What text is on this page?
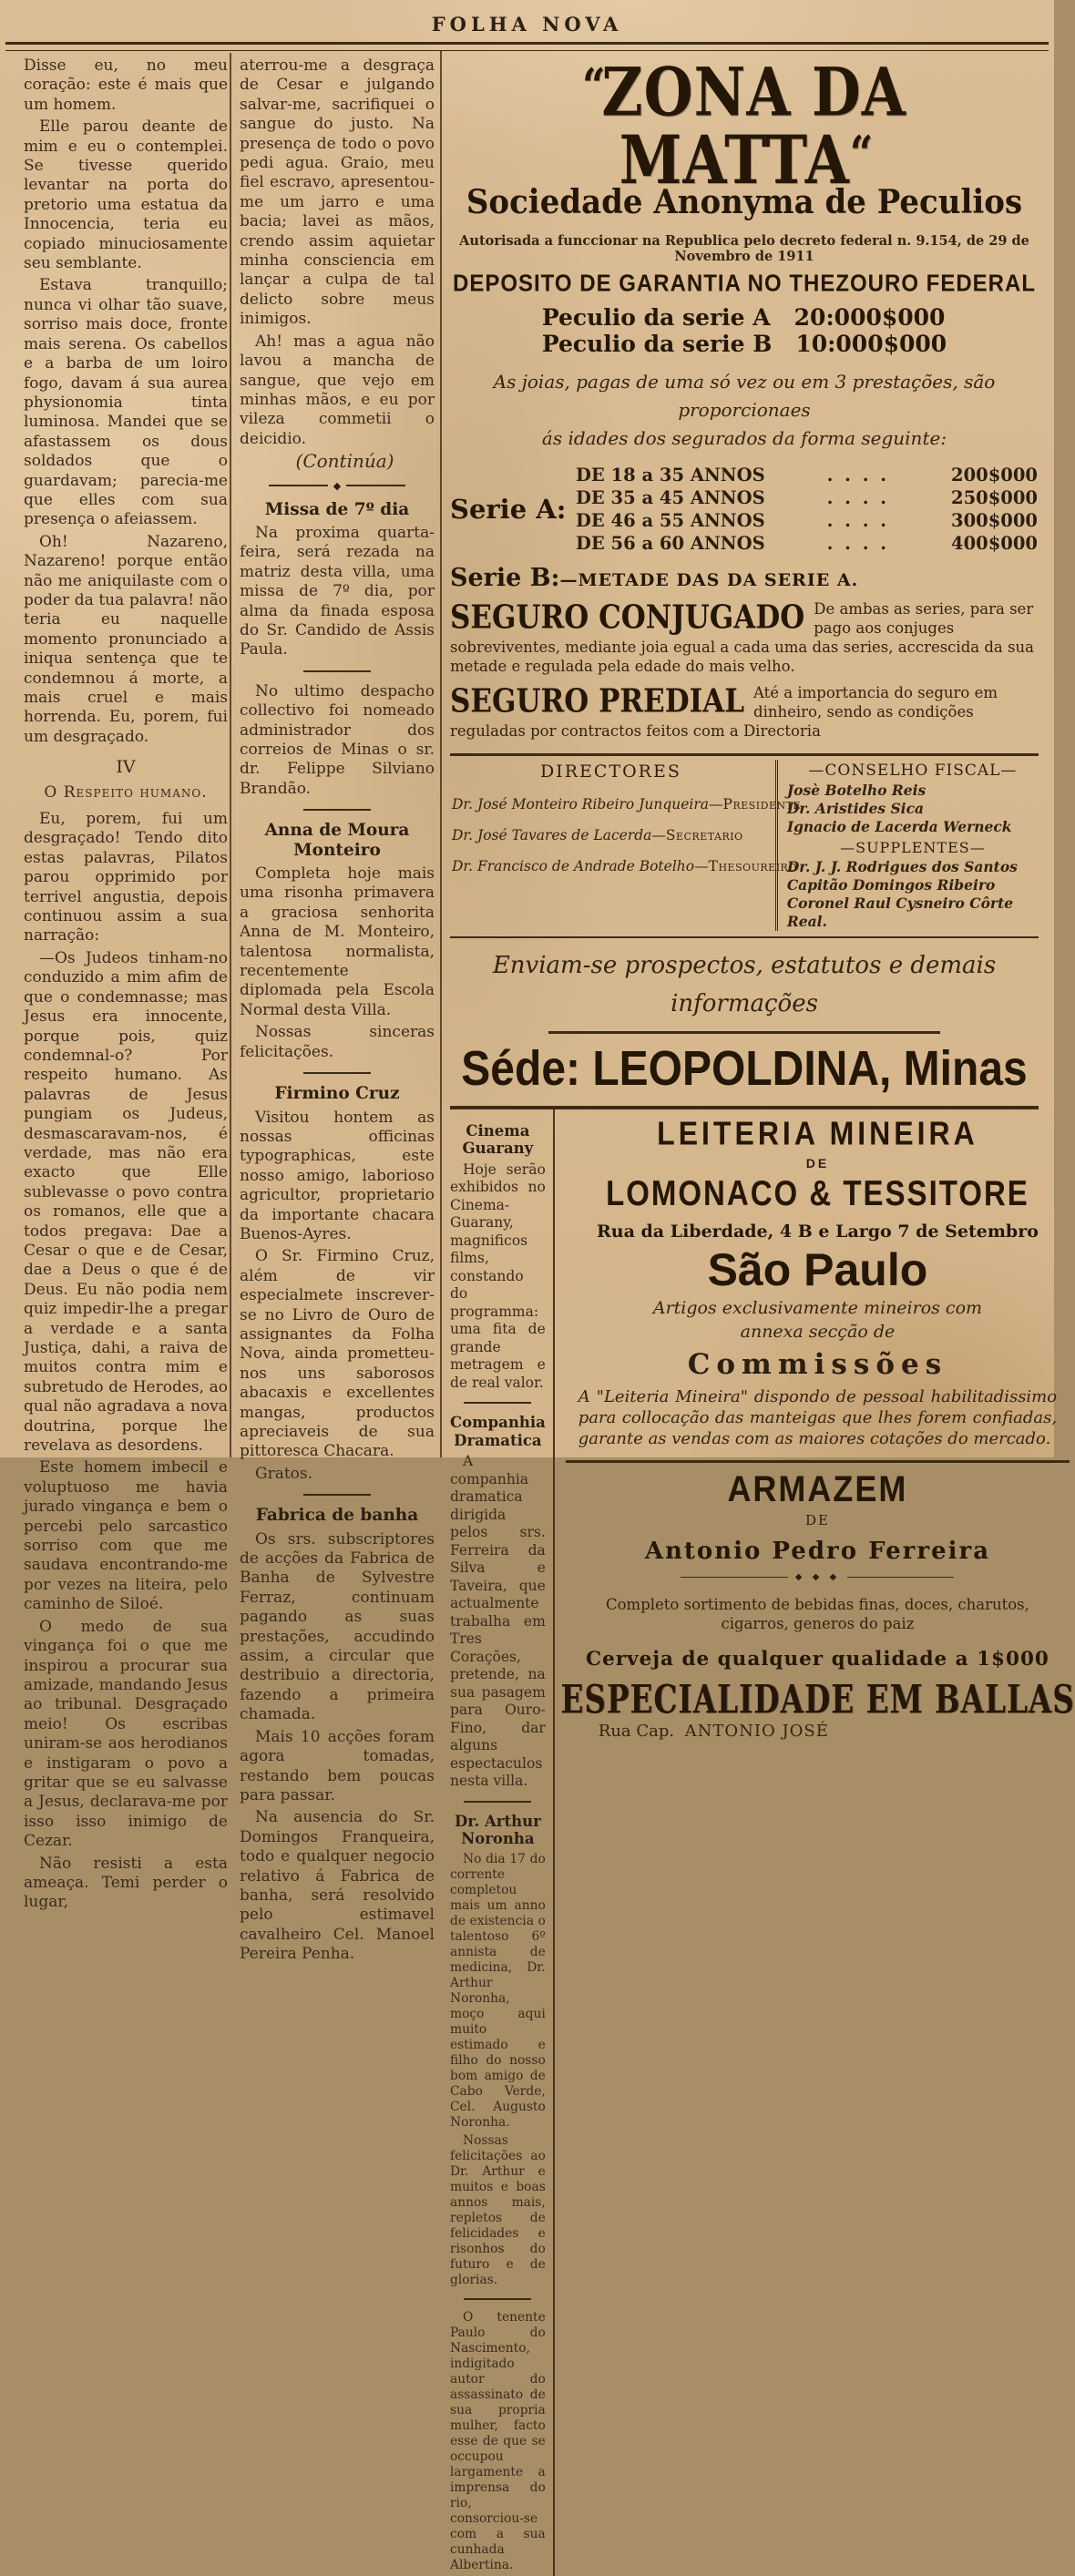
FOLHA NOVA

Disse eu, no meu coração: este é mais que um homem.

Elle parou deante de mim e eu o contemplei. Se tivesse querido levantar na porta do pretorio uma estatua da Innocencia, teria eu copiado minuciosamente seu semblante.

Estava tranquillo; nunca vi olhar tão suave, sorriso mais doce, fronte mais serena. Os cabellos e a barba de um loiro fogo, davam á sua aurea physionomia tinta luminosa. Mandei que se afastassem os dous soldados que o guardavam; parecia-me que elles com sua presença o afeiassem.

Oh! Nazareno, Nazareno! porque então não me aniquilaste com o poder da tua palavra! não teria eu naquelle momento pronunciado a iniqua sentença que te condemnou á morte, a mais cruel e mais horrenda. Eu, porem, fui um desgraçado.

IV
O Respeito humano.

Eu, porem, fui um desgraçado! Tendo dito estas palavras, Pilatos parou opprimido por terrivel angustia, depois continuou assim a sua narração:

—Os Judeos tinham-no conduzido a mim afim de que o condemnasse; mas Jesus era innocente, porque pois, quiz condemnal-o? Por respeito humano. As palavras de Jesus pungiam os Judeus, desmascaravam-nos, é verdade, mas não era exacto que Elle sublevasse o povo contra os romanos, elle que a todos pregava: Dae a Cesar o que e de Cesar, dae a Deus o que é de Deus. Eu não podia nem quiz impedir-lhe a pregar a verdade e a santa Justiça, dahi, a raiva de muitos contra mim e subretudo de Herodes, ao qual não agradava a nova doutrina, porque lhe revelava as desordens.

Este homem imbecil e voluptuoso me havia jurado vingança e bem o percebi pelo sarcastico sorriso com que me saudava encontrando-me por vezes na liteira, pelo caminho de Siloé.

O medo de sua vingança foi o que me inspirou a procurar sua amizade, mandando Jesus ao tribunal. Desgraçado meio! Os escribas uniram-se aos herodianos e instigaram o povo a gritar que se eu salvasse a Jesus, declarava-me por isso isso inimigo de Cezar.

Não resisti a esta ameaça. Temi perder o lugar,

aterrou-me a desgraça de Cesar e julgando salvar-me, sacrifiquei o sangue do justo. Na presença de todo o povo pedi agua. Graio, meu fiel escravo, apresentou-me um jarro e uma bacia; lavei as mãos, crendo assim aquietar minha consciencia em lançar a culpa de tal delicto sobre meus inimigos.

Ah! mas a agua não lavou a mancha de sangue, que vejo em minhas mãos, e eu por vileza commetii o deicidio.

(Continúa)

◆
Missa de 7º dia

Na proxima quarta-feira, será rezada na matriz desta villa, uma missa de 7º dia, por alma da finada esposa do Sr. Candido de Assis Paula.

No ultimo despacho collectivo foi nomeado administrador dos correios de Minas o sr. dr. Felippe Silviano Brandão.

Anna de Moura Monteiro

Completa hoje mais uma risonha primavera a graciosa senhorita Anna de M. Monteiro, talentosa normalista, recentemente diplomada pela Escola Normal desta Villa.

Nossas sinceras felicitações.

Firmino Cruz

Visitou hontem as nossas officinas typographicas, este nosso amigo, laborioso agricultor, proprietario da importante chacara Buenos-Ayres.

O Sr. Firmino Cruz, além de vir especialmete inscrever-se no Livro de Ouro de assignantes da Folha Nova, ainda prometteu-nos uns saborosos abacaxis e excellentes mangas, productos apreciaveis de sua pittoresca Chacara.

Gratos.

Fabrica de banha

Os srs. subscriptores de acções da Fabrica de Banha de Sylvestre Ferraz, continuam pagando as suas prestações, accudindo assim, a circular que destribuio a directoria, fazendo a primeira chamada.

Mais 10 acções foram agora tomadas, restando bem poucas para passar.

Na ausencia do Sr. Domingos Franqueira, todo e qualquer negocio relativo á Fabrica de banha, será resolvido pelo estimavel cavalheiro Cel. Manoel Pereira Penha.

“ZONA DA MATTA“
Sociedade Anonyma de Peculios
Autorisada a funccionar na Republica pelo decreto federal n. 9.154, de 29 de Novembro de 1911
DEPOSITO DE GARANTIA NO THEZOURO FEDERAL
Peculio da serie A 20:000$000
Peculio da serie B 10:000$000
As joias, pagas de uma só vez ou em 3 prestações, são proporcionaes
ás idades dos segurados da forma seguinte:
Serie A:
DE 18 a 35 ANNOS	. . . .	200$000
DE 35 a 45 ANNOS	. . . .	250$000
DE 46 a 55 ANNOS	. . . .	300$000
DE 56 a 60 ANNOS	. . . .	400$000
Serie B:—METADE DAS DA SERIE A.
SEGURO CONJUGADO De ambas as series, para ser pago aos conjuges sobreviventes, mediante joia egual a cada uma das series, accrescida da sua metade e regulada pela edade do mais velho.
SEGURO PREDIAL Até a importancia do seguro em dinheiro, sendo as condições reguladas por contractos feitos com a Directoria
DIRECTORES
Dr. José Monteiro Ribeiro Junqueira—Presidente
Dr. José Tavares de Lacerda—Secretario
Dr. Francisco de Andrade Botelho—Thesoureiro
—CONSELHO FISCAL—
Josè Botelho Reis
Dr. Aristides Sica
Ignacio de Lacerda Werneck
—SUPPLENTES—
Dr. J. J. Rodrigues dos Santos
Capitão Domingos Ribeiro
Coronel Raul Cysneiro Côrte Real.
Enviam-se prospectos, estatutos e demais
informações
Séde: LEOPOLDINA, Minas
Cinema Guarany

Hoje serão exhibidos no Cinema-Guarany, magnificos films, constando do programma: uma fita de grande metragem e de real valor.

Companhia Dramatica

A companhia dramatica dirigida pelos srs. Ferreira da Silva e Taveira, que actualmente trabalha em Tres Corações, pretende, na sua pasagem para Ouro-Fino, dar alguns espectaculos nesta villa.

Dr. Arthur Noronha

No dia 17 do corrente completou mais um anno de existencia o talentoso 6º annista de medicina, Dr. Arthur Noronha, moço aqui muito estimado e filho do nosso bom amigo de Cabo Verde, Cel. Augusto Noronha.

Nossas felicitações ao Dr. Arthur e muitos e boas annos mais, repletos de felicidades e risonhos do futuro e de glorias.

O tenente Paulo do Nascimento, indigitado autor do assassinato de sua propria mulher, facto esse de que se occupou largamente a imprensa do rio, consorciou-se com a sua cunhada Albertina.

LEITERIA MINEIRA
DE
LOMONACO & TESSITORE
Rua da Liberdade, 4 B e Largo 7 de Setembro
São Paulo
Artigos exclusivamente mineiros com
annexa secção de
Commissões
A "Leiteria Mineira" dispondo de pessoal habilitadissimo para collocação das manteigas que lhes forem confiadas, garante as vendas com as maiores cotações do mercado.
ARMAZEM
DE
Antonio Pedro Ferreira
◆ ◆ ◆
Completo sortimento de bebidas finas, doces, charutos, cigarros, generos do paiz
Cerveja de qualquer qualidade a 1$000
ESPECIALIDADE EM BALLAS
Rua Cap. ANTONIO JOSÉ
